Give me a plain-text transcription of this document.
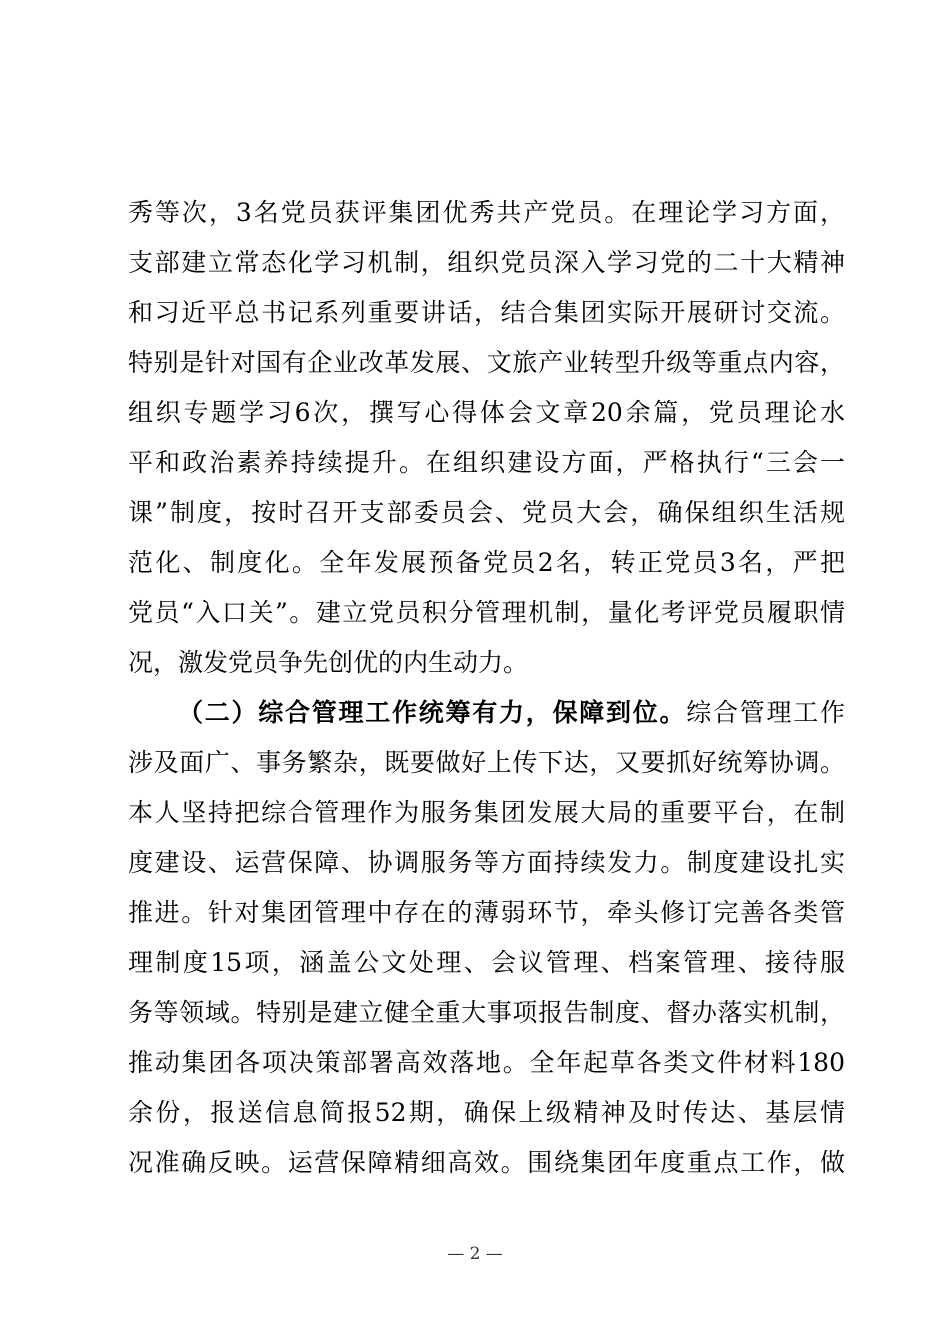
秀等次，3名党员获评集团优秀共产党员。在理论学习方面，
支部建立常态化学习机制，组织党员深入学习党的二十大精神
和习近平总书记系列重要讲话，结合集团实际开展研讨交流。
特别是针对国有企业改革发展、文旅产业转型升级等重点内容，
组织专题学习6次，撰写心得体会文章20余篇，党员理论水
平和政治素养持续提升。在组织建设方面，严格执行“三会一
课”制度，按时召开支部委员会、党员大会，确保组织生活规
范化、制度化。全年发展预备党员2名，转正党员3名，严把
党员“入口关”。建立党员积分管理机制，量化考评党员履职情
况，激发党员争先创优的内生动力。
（二）综合管理工作统筹有力，保障到位。综合管理工作
涉及面广、事务繁杂，既要做好上传下达，又要抓好统筹协调。
本人坚持把综合管理作为服务集团发展大局的重要平台，在制
度建设、运营保障、协调服务等方面持续发力。制度建设扎实
推进。针对集团管理中存在的薄弱环节，牵头修订完善各类管
理制度15项，涵盖公文处理、会议管理、档案管理、接待服
务等领域。特别是建立健全重大事项报告制度、督办落实机制，
推动集团各项决策部署高效落地。全年起草各类文件材料180
余份，报送信息简报52期，确保上级精神及时传达、基层情
况准确反映。运营保障精细高效。围绕集团年度重点工作，做
— 2 —
